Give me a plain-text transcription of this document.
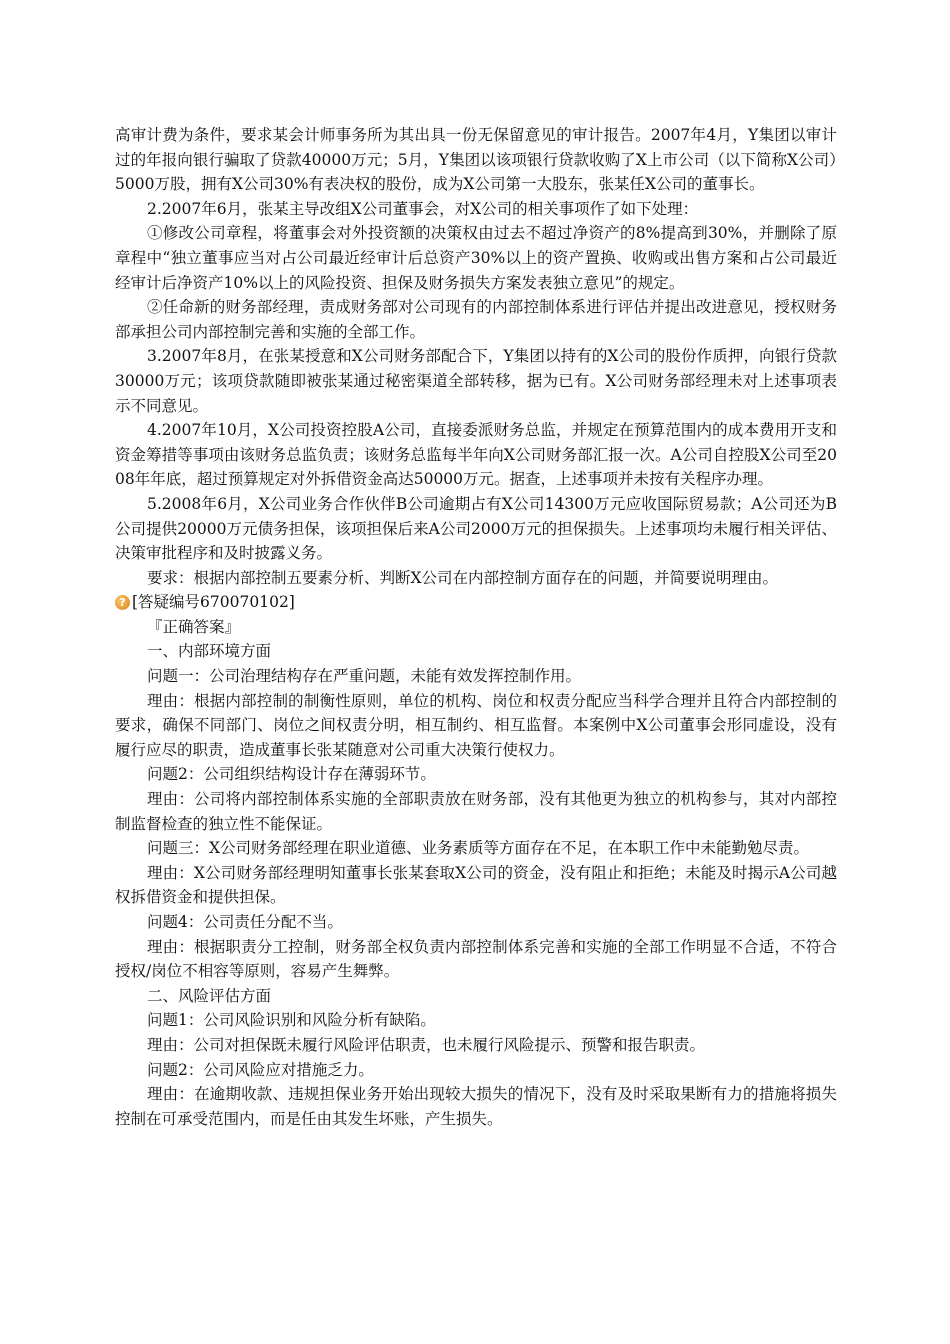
高审计费为条件，要求某会计师事务所为其出具一份无保留意见的审计报告。2007年4月，Y集团以审计过的年报向银行骗取了贷款40000万元；5月，Y集团以该项银行贷款收购了X上市公司（以下简称X公司）5000万股，拥有X公司30%有表决权的股份，成为X公司第一大股东，张某任X公司的董事长。

2.2007年6月，张某主导改组X公司董事会，对X公司的相关事项作了如下处理：

①修改公司章程，将董事会对外投资额的决策权由过去不超过净资产的8%提高到30%，并删除了原章程中“独立董事应当对占公司最近经审计后总资产30%以上的资产置换、收购或出售方案和占公司最近经审计后净资产10%以上的风险投资、担保及财务损失方案发表独立意见”的规定。

②任命新的财务部经理，责成财务部对公司现有的内部控制体系进行评估并提出改进意见，授权财务部承担公司内部控制完善和实施的全部工作。

3.2007年8月，在张某授意和X公司财务部配合下，Y集团以持有的X公司的股份作质押，向银行贷款30000万元；该项贷款随即被张某通过秘密渠道全部转移，据为已有。X公司财务部经理未对上述事项表示不同意见。

4.2007年10月，X公司投资控股A公司，直接委派财务总监，并规定在预算范围内的成本费用开支和资金筹措等事项由该财务总监负责；该财务总监每半年向X公司财务部汇报一次。A公司自控股X公司至2008年年底，超过预算规定对外拆借资金高达50000万元。据查，上述事项并未按有关程序办理。

5.2008年6月，X公司业务合作伙伴B公司逾期占有X公司14300万元应收国际贸易款；A公司还为B公司提供20000万元债务担保，该项担保后来A公司2000万元的担保损失。上述事项均未履行相关评估、决策审批程序和及时披露义务。

要求：根据内部控制五要素分析、判断X公司在内部控制方面存在的问题，并简要说明理由。

? [答疑编号670070102]

『正确答案』

一、内部环境方面

问题一：公司治理结构存在严重问题，未能有效发挥控制作用。

理由：根据内部控制的制衡性原则，单位的机构、岗位和权责分配应当科学合理并且符合内部控制的要求，确保不同部门、岗位之间权责分明，相互制约、相互监督。本案例中X公司董事会形同虚设，没有履行应尽的职责，造成董事长张某随意对公司重大决策行使权力。

问题2：公司组织结构设计存在薄弱环节。

理由：公司将内部控制体系实施的全部职责放在财务部，没有其他更为独立的机构参与，其对内部控制监督检查的独立性不能保证。

问题三：X公司财务部经理在职业道德、业务素质等方面存在不足，在本职工作中未能勤勉尽责。

理由：X公司财务部经理明知董事长张某套取X公司的资金，没有阻止和拒绝；未能及时揭示A公司越权拆借资金和提供担保。

问题4：公司责任分配不当。

理由：根据职责分工控制，财务部全权负责内部控制体系完善和实施的全部工作明显不合适，不符合授权/岗位不相容等原则，容易产生舞弊。

二、风险评估方面

问题1：公司风险识别和风险分析有缺陷。

理由：公司对担保既未履行风险评估职责，也未履行风险提示、预警和报告职责。

问题2：公司风险应对措施乏力。

理由：在逾期收款、违规担保业务开始出现较大损失的情况下，没有及时采取果断有力的措施将损失控制在可承受范围内，而是任由其发生坏账，产生损失。
